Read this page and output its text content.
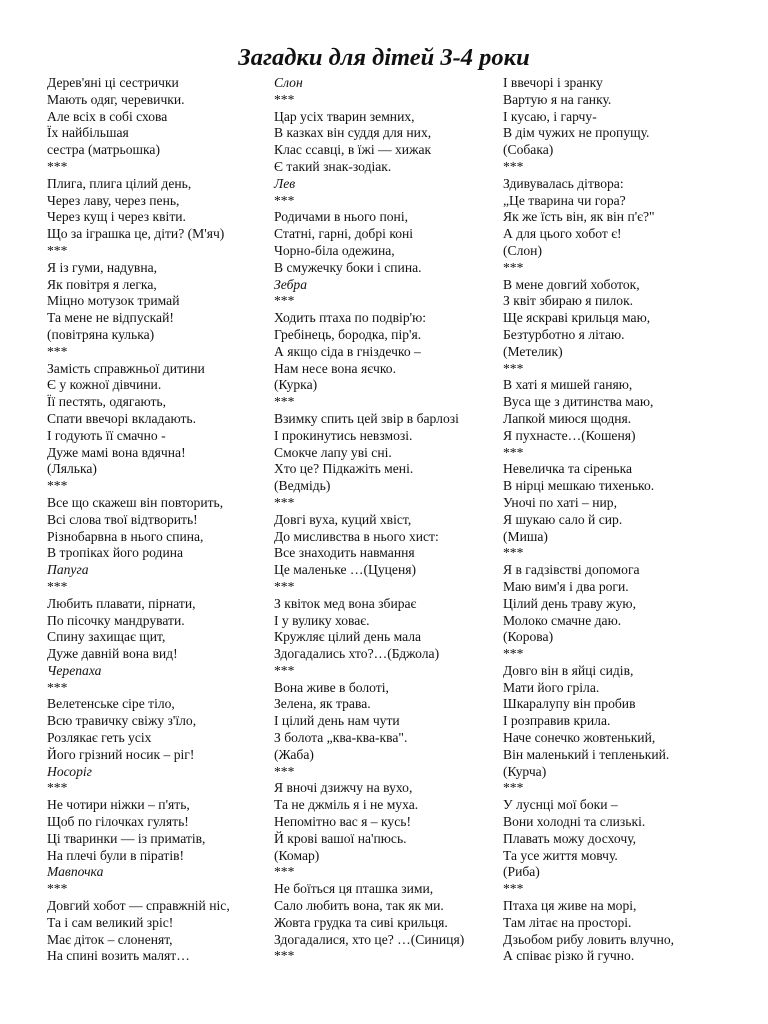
Загадки для дітей 3-4 роки
Дерев'яні ці сестрички
Мають одяг, черевички.
Але всіх в собі схова
Їх найбільшая
сестра (матрьошка)
***
Плига, плига цілий день,
Через лаву, через пень,
Через кущ і через квіти.
Що за іграшка це, діти? (М'яч)
***
Я із гуми, надувна,
Як повітря я легка,
Міцно мотузок тримай
Та мене не відпускай!
(повітряна кулька)
***
Замість справжньої дитини
Є у кожної дівчини.
Її пестять, одягають,
Спати ввечорі вкладають.
І годують її смачно -
Дуже мамі вона вдячна!
(Лялька)
***
Все що скажеш він повторить,
Всі слова твої відтворить!
Різнобарвна в нього спина,
В тропіках його родина
Папуга
***
Любить плавати, пірнати,
По пісочку мандрувати.
Спину захищає щит,
Дуже давній вона вид!
Черепаха
***
Велетенське сіре тіло,
Всю травичку свіжу з'їло,
Розлякає геть усіх
Його грізний носик – ріг!
Носоріг
***
Не чотири ніжки – п'ять,
Щоб по гілочках гулять!
Ці тваринки — із приматів,
На плечі були в піратів!
Мавпочка
***
Довгий хобот — справжній ніс,
Та і сам великий зріс!
Має діток – слоненят,
На спині возить малят…
Слон
***
Цар усіх тварин земних,
В казках він суддя для них,
Клас ссавці, в їжі — хижак
Є такий знак-зодіак.
Лев
***
Родичами в нього поні,
Статні, гарні, добрі коні
Чорно-біла одежина,
В смужечку боки і спина.
Зебра
***
Ходить птаха по подвір'ю:
Гребінець, бородка, пір'я.
А якщо сіда в гніздечко –
Нам несе вона яєчко.
(Курка)
***
Взимку спить цей звір в барлозі
І прокинутись невзмозі.
Смокче лапу уві сні.
Хто це? Підкажіть мені.
(Ведмідь)
***
Довгі вуха, куций хвіст,
До мисливства в нього хист:
Все знаходить навмання
Це маленьке …(Цуценя)
***
З квіток мед вона збирає
І у вулику ховає.
Кружляє цілий день мала
Здогадались хто?…(Бджола)
***
Вона живе в болоті,
Зелена, як трава.
І цілий день нам чути
З болота „ква-ква-ква".
(Жаба)
***
Я вночі дзижчу на вухо,
Та не джміль я і не муха.
Непомітно вас я – кусь!
Й крові вашої на'пюсь.
(Комар)
***
Не боїться ця пташка зими,
Сало любить вона, так як ми.
Жовта грудка та сиві крильця.
Здогадалися, хто це? …(Синиця)
***
І ввечорі і зранку
Вартую я на ганку.
І кусаю, і гарчу-
В дім чужих не пропущу.
(Собака)
***
Здивувалась дітвора:
„Це тварина чи гора?
Як же їсть він, як він п'є?"
А для цього хобот є!
(Слон)
***
В мене довгий хоботок,
З квіт збираю я пилок.
Ще яскраві крильця маю,
Безтурботно я літаю.
(Метелик)
***
В хаті я мишей ганяю,
Вуса ще з дитинства маю,
Лапкой миюся щодня.
Я пухнасте…(Кошеня)
***
Невеличка та сіренька
В нірці мешкаю тихенько.
Уночі по хаті – нир,
Я шукаю сало й сир.
(Миша)
***
Я в гадзівстві допомога
Маю вим'я і два роги.
Цілий день траву жую,
Молоко смачне даю.
(Корова)
***
Довго він в яйці сидів,
Мати його гріла.
Шкаралупу він пробив
І розправив крила.
Наче сонечко жовтенький,
Він маленький і тепленький.
(Курча)
***
У луснці мої боки –
Вони холодні та слизькі.
Плавать можу досхочу,
Та усе життя мовчу.
(Риба)
***
Птаха ця живе на морі,
Там літає на просторі.
Дзьобом рибу ловить влучно,
А співає різко й гучно.
